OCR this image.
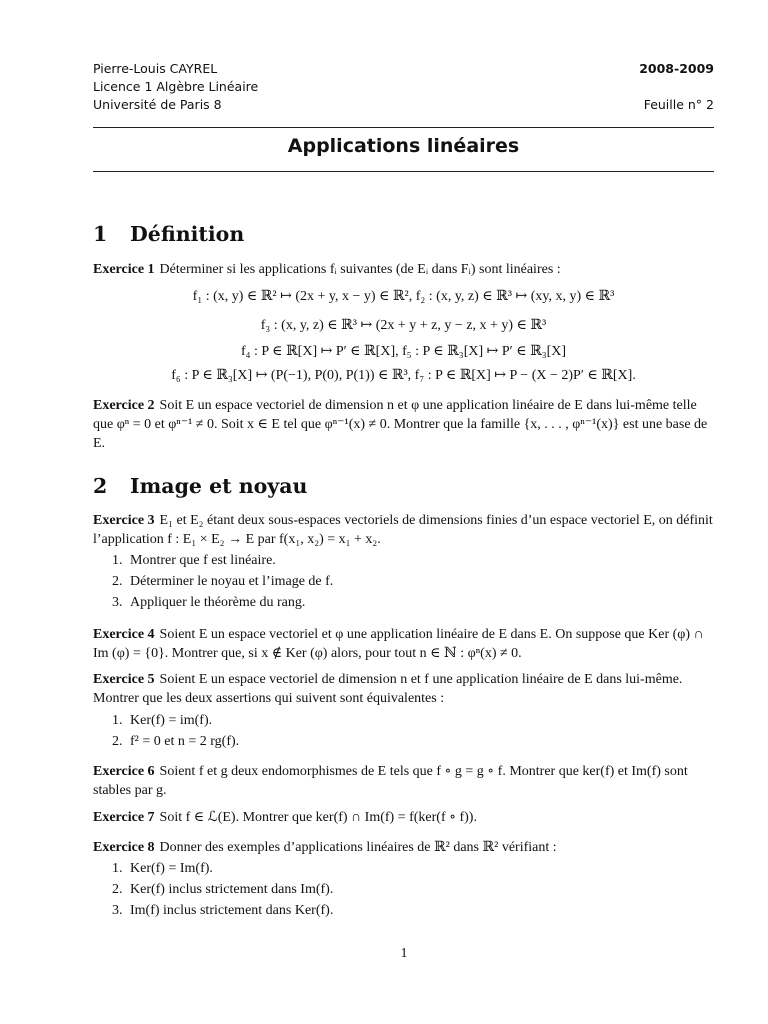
Pierre-Louis CAYREL
Licence 1 Algèbre Linéaire
Université de Paris 8
2008-2009
Feuille n° 2
Applications linéaires
1 Définition

Exercice 1 Déterminer si les applications fᵢ suivantes (de Eᵢ dans Fᵢ) sont linéaires :

f₁ : (x, y) ∈ ℝ² ↦ (2x + y, x − y) ∈ ℝ², f₂ : (x, y, z) ∈ ℝ³ ↦ (xy, x, y) ∈ ℝ³
f₃ : (x, y, z) ∈ ℝ³ ↦ (2x + y + z, y − z, x + y) ∈ ℝ³
f₄ : P ∈ ℝ[X] ↦ P′ ∈ ℝ[X], f₅ : P ∈ ℝ₃[X] ↦ P′ ∈ ℝ₃[X]
f₆ : P ∈ ℝ₃[X] ↦ (P(−1), P(0), P(1)) ∈ ℝ³, f₇ : P ∈ ℝ[X] ↦ P − (X − 2)P′ ∈ ℝ[X].

Exercice 2 Soit E un espace vectoriel de dimension n et φ une application linéaire de E dans lui-même telle que φⁿ = 0 et φⁿ⁻¹ ≠ 0. Soit x ∈ E tel que φⁿ⁻¹(x) ≠ 0. Montrer que la famille {x, . . . , φⁿ⁻¹(x)} est une base de E.

2 Image et noyau

Exercice 3 E₁ et E₂ étant deux sous-espaces vectoriels de dimensions finies d’un espace vectoriel E, on définit l’application f : E₁ × E₂ → E par f(x₁, x₂) = x₁ + x₂.

1. Montrer que f est linéaire.
2. Déterminer le noyau et l’image de f.
3. Appliquer le théorème du rang.

Exercice 4 Soient E un espace vectoriel et φ une application linéaire de E dans E. On suppose que Ker (φ) ∩ Im (φ) = {0}. Montrer que, si x ∉ Ker (φ) alors, pour tout n ∈ ℕ : φⁿ(x) ≠ 0.

Exercice 5 Soient E un espace vectoriel de dimension n et f une application linéaire de E dans lui-même. Montrer que les deux assertions qui suivent sont équivalentes :

1. Ker(f) = im(f).
2. f² = 0 et n = 2 rg(f).

Exercice 6 Soient f et g deux endomorphismes de E tels que f ∘ g = g ∘ f. Montrer que ker(f) et Im(f) sont stables par g.

Exercice 7 Soit f ∈ ℒ(E). Montrer que ker(f) ∩ Im(f) = f(ker(f ∘ f)).

Exercice 8 Donner des exemples d’applications linéaires de ℝ² dans ℝ² vérifiant :

1. Ker(f) = Im(f).
2. Ker(f) inclus strictement dans Im(f).
3. Im(f) inclus strictement dans Ker(f).
1
